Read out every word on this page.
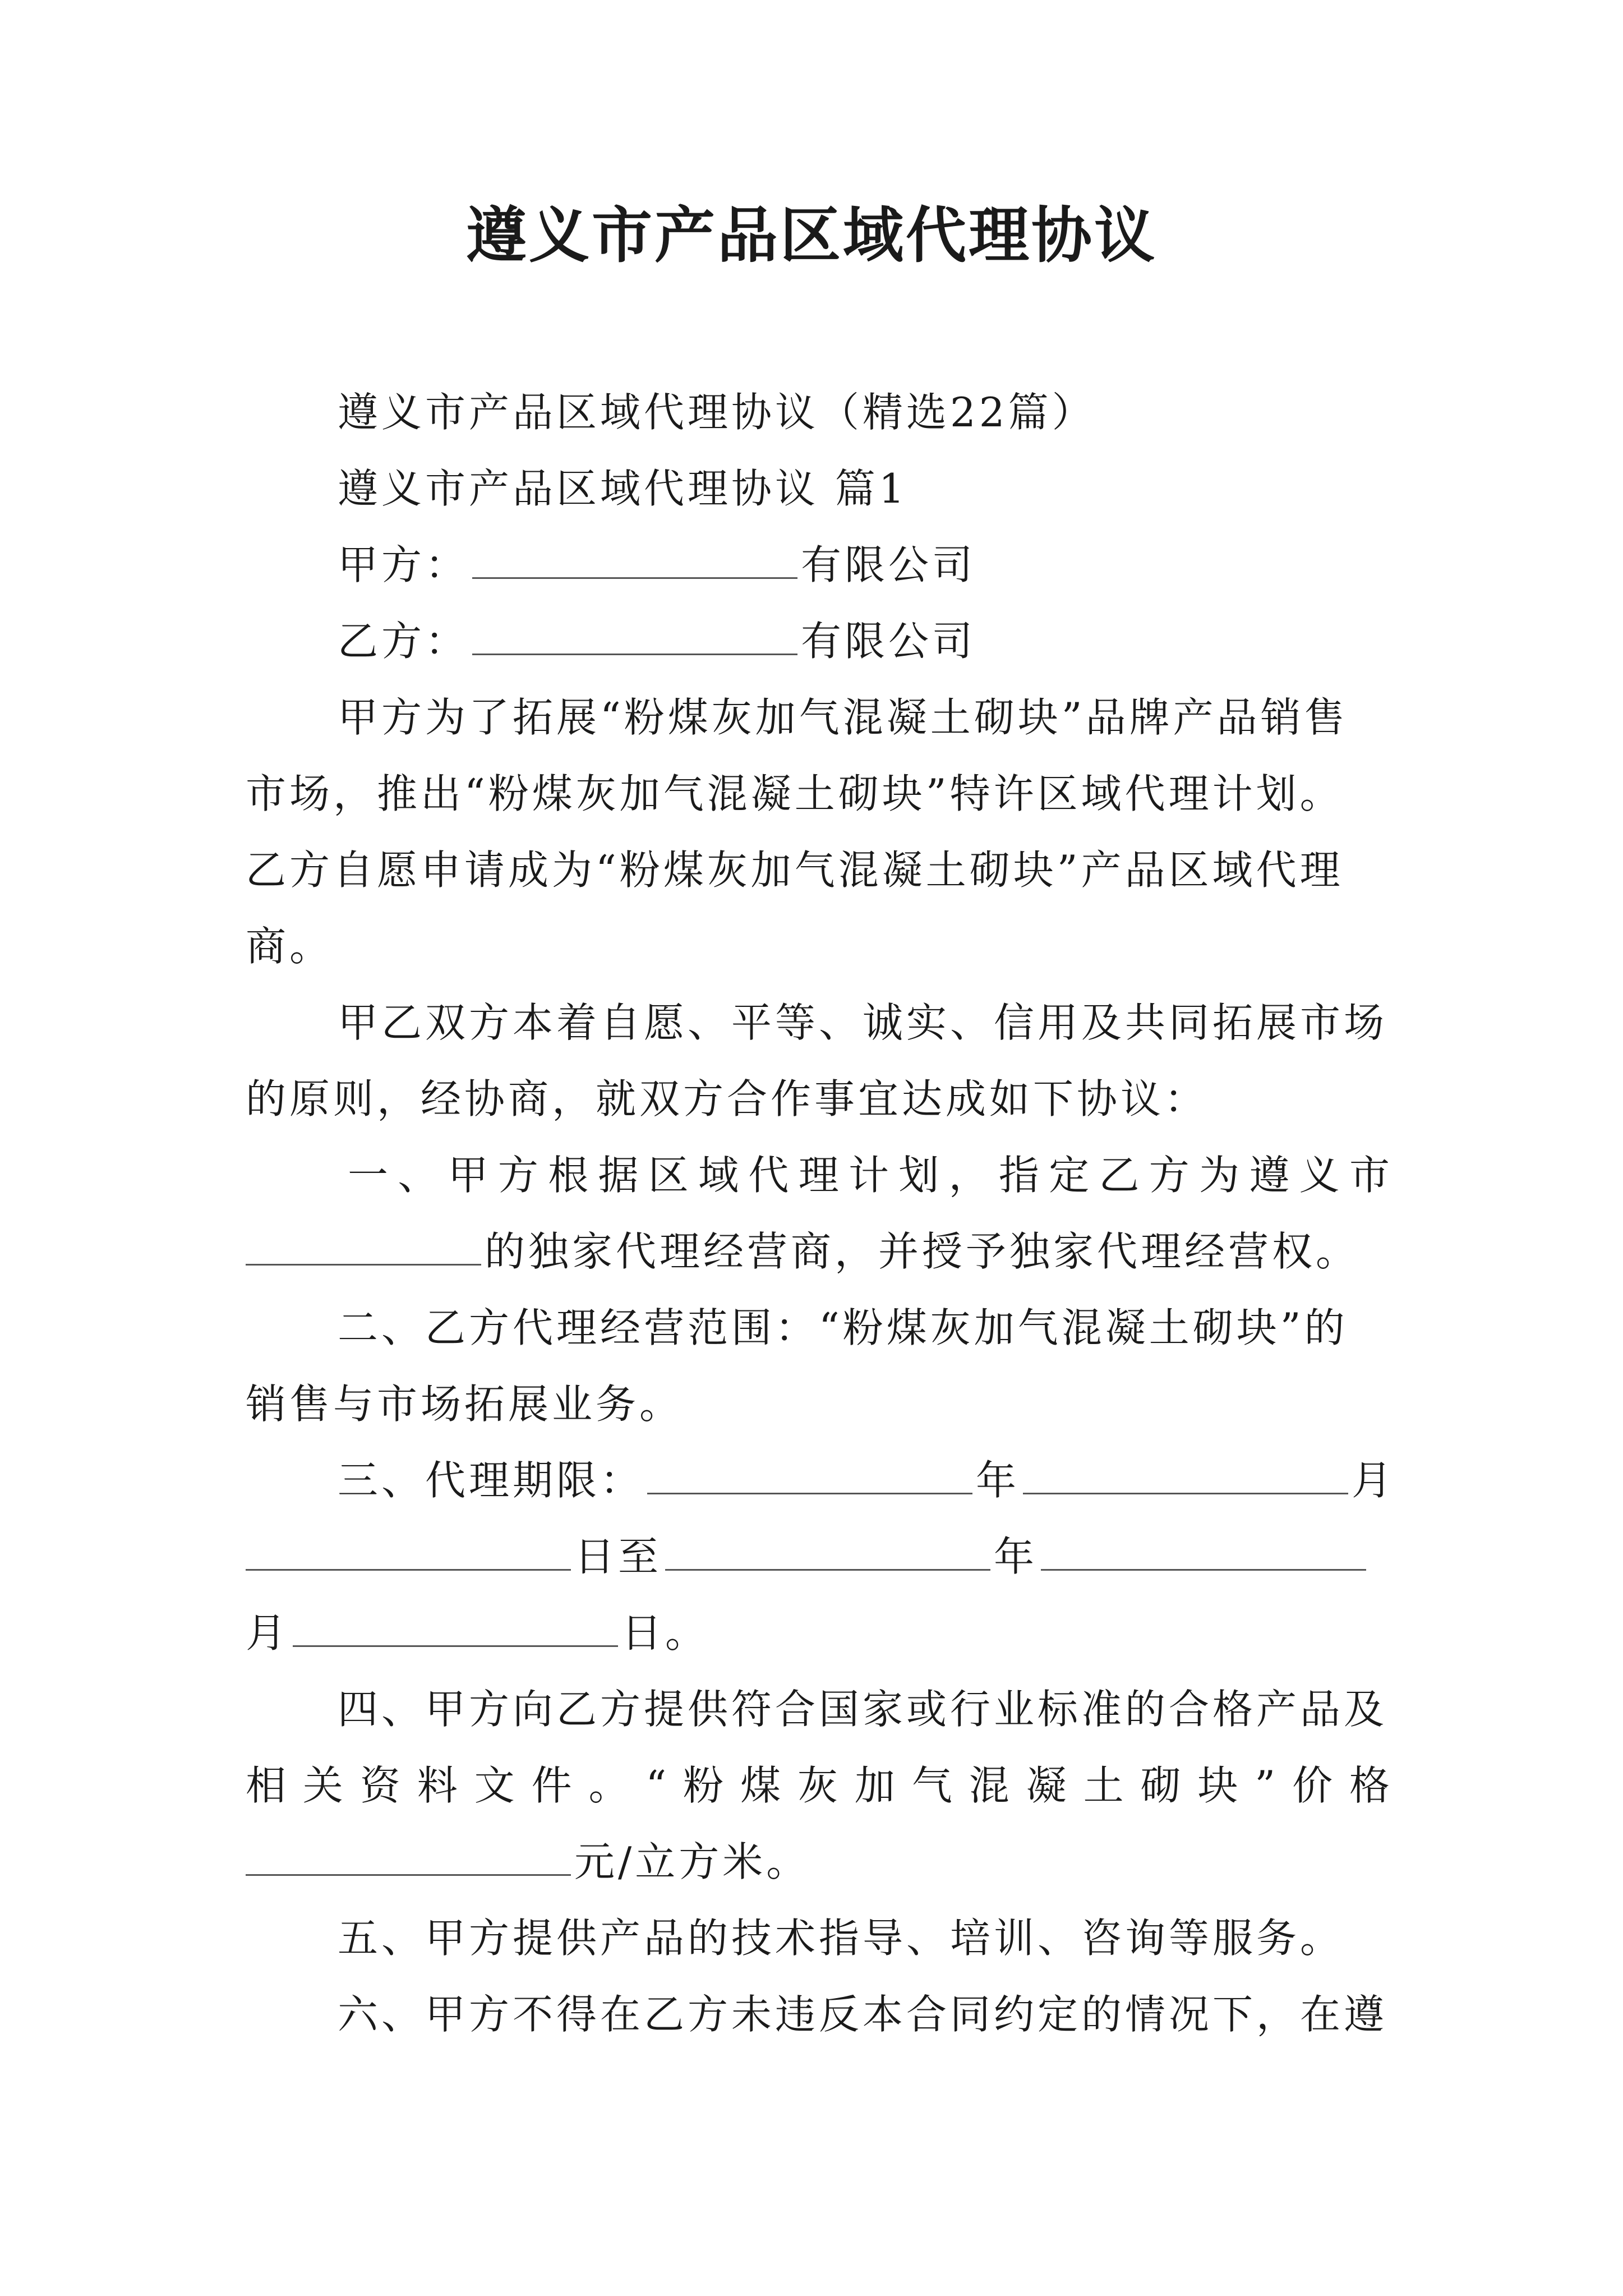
遵义市产品区域代理协议
遵义市产品区域代理协议（精选22篇）
遵义市产品区域代理协议 篇1
甲方：	有限公司
乙方：	有限公司
甲方为了拓展“粉煤灰加气混凝土砌块”品牌产品销售
市场，推出“粉煤灰加气混凝土砌块”特许区域代理计划。
乙方自愿申请成为“粉煤灰加气混凝土砌块”产品区域代理
商。
甲乙双方本着自愿、平等、诚实、信用及共同拓展市场
的原则，经协商，就双方合作事宜达成如下协议：
一、甲方根据区域代理计划，指定乙方为遵义市
的独家代理经营商，并授予独家代理经营权。
二、乙方代理经营范围：“粉煤灰加气混凝土砌块”的
销售与市场拓展业务。
三、代理期限：	年	月
日至	年
月	日。
四、甲方向乙方提供符合国家或行业标准的合格产品及
相关资料文件。“粉煤灰加气混凝土砌块”价格
元/立方米。
五、甲方提供产品的技术指导、培训、咨询等服务。
六、甲方不得在乙方未违反本合同约定的情况下，在遵
